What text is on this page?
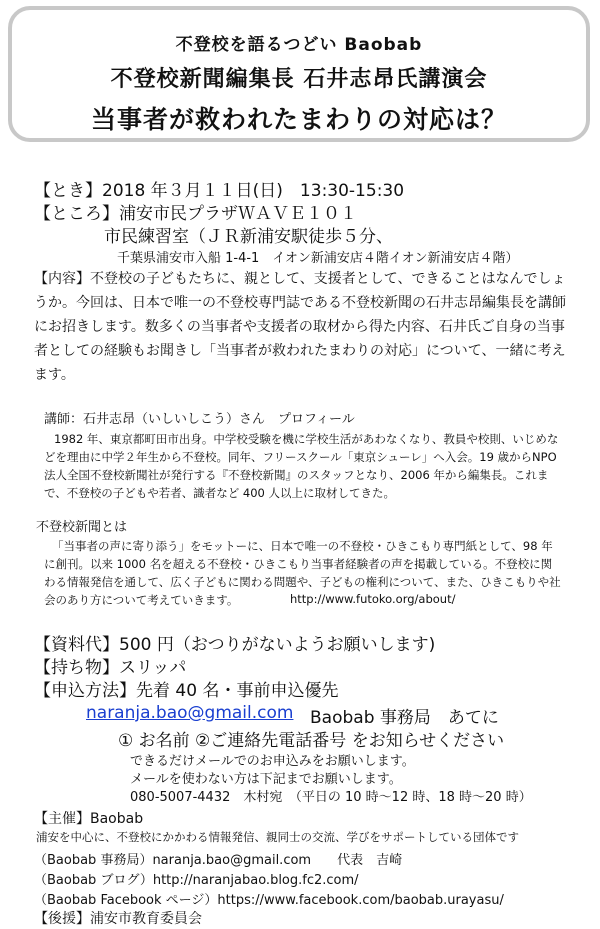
不登校を語るつどい Baobab
不登校新聞編集長 石井志昂氏講演会
当事者が救われたまわりの対応は？
【とき】2018 年３月１１日(日)　13:30-15:30
【ところ】浦安市民プラザＷＡＶＥ１０１
市民練習室（ＪＲ新浦安駅徒歩５分、
千葉県浦安市入船 1-4-1　イオン新浦安店４階イオン新浦安店４階）
【内容】不登校の子どもたちに、親として、支援者として、できることはなんでしょ
うか。今回は、日本で唯一の不登校専門誌である不登校新聞の石井志昂編集長を講師
にお招きします。数多くの当事者や支援者の取材から得た内容、石井氏ご自身の当事
者としての経験もお聞きし「当事者が救われたまわりの対応」について、一緒に考え
ます。
講師：石井志昂（いしいしこう）さん　プロフィール
1982 年、東京都町田市出身。中学校受験を機に学校生活があわなくなり、教員や校則、いじめな
どを理由に中学２年生から不登校。同年、フリースクール「東京シューレ」へ入会。19 歳からNPO
法人全国不登校新聞社が発行する『不登校新聞』のスタッフとなり、2006 年から編集長。これま
で、不登校の子どもや若者、識者など 400 人以上に取材してきた。
不登校新聞とは
「当事者の声に寄り添う」をモットーに、日本で唯一の不登校・ひきこもり専門紙として、98 年
に創刊。以来 1000 名を超える不登校・ひきこもり当事者経験者の声を掲載している。不登校に関
わる情報発信を通して、広く子どもに関わる問題や、子どもの権利について、また、ひきこもりや社
会のあり方について考えていきます。	http://www.futoko.org/about/
【資料代】500 円（おつりがないようお願いします)
【持ち物】スリッパ
【申込方法】先着 40 名・事前申込優先
naranja.bao@gmail.com Baobab 事務局　あてに
① お名前 ②ご連絡先電話番号 をお知らせください
できるだけメールでのお申込みをお願いします。
メールを使わない方は下記までお願いします。
080-5007-4432　木村宛　（平日の 10 時～12 時、18 時～20 時）
【主催】Baobab
浦安を中心に、不登校にかかわる情報発信、親同士の交流、学びをサポートしている団体です
（Baobab 事務局）naranja.bao@gmail.com　　代表　吉崎
（Baobab ブログ）http://naranjabao.blog.fc2.com/
（Baobab Facebook ページ）https://www.facebook.com/baobab.urayasu/
【後援】浦安市教育委員会
